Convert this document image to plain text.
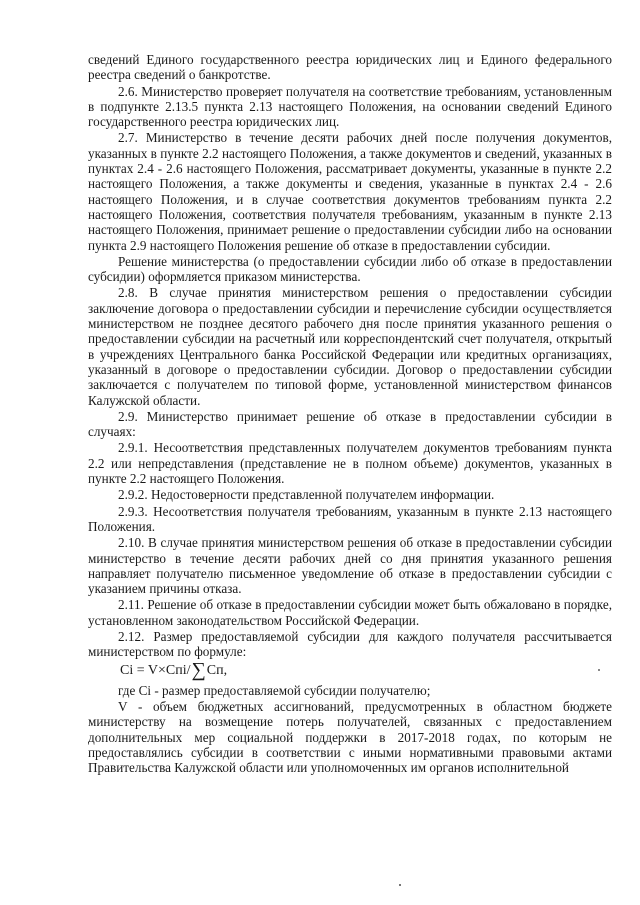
сведений Единого государственного реестра юридических лиц и Единого федерального реестра сведений о банкротстве.

2.6. Министерство проверяет получателя на соответствие требованиям, установленным в подпункте 2.13.5 пункта 2.13 настоящего Положения, на основании сведений Единого государственного реестра юридических лиц.

2.7. Министерство в течение десяти рабочих дней после получения документов, указанных в пункте 2.2 настоящего Положения, а также документов и сведений, указанных в пунктах 2.4 - 2.6 настоящего Положения, рассматривает документы, указанные в пункте 2.2 настоящего Положения, а также документы и сведения, указанные в пунктах 2.4 - 2.6 настоящего Положения, и в случае соответствия документов требованиям пункта 2.2 настоящего Положения, соответствия получателя требованиям, указанным в пункте 2.13 настоящего Положения, принимает решение о предоставлении субсидии либо на основании пункта 2.9 настоящего Положения решение об отказе в предоставлении субсидии.

Решение министерства (о предоставлении субсидии либо об отказе в предоставлении субсидии) оформляется приказом министерства.

2.8. В случае принятия министерством решения о предоставлении субсидии заключение договора о предоставлении субсидии и перечисление субсидии осуществляется министерством не позднее десятого рабочего дня после принятия указанного решения о предоставлении субсидии на расчетный или корреспондентский счет получателя, открытый в учреждениях Центрального банка Российской Федерации или кредитных организациях, указанный в договоре о предоставлении субсидии. Договор о предоставлении субсидии заключается с получателем по типовой форме, установленной министерством финансов Калужской области.

2.9. Министерство принимает решение об отказе в предоставлении субсидии в случаях:

2.9.1. Несоответствия представленных получателем документов требованиям пункта 2.2 или непредставления (представление не в полном объеме) документов, указанных в пункте 2.2 настоящего Положения.

2.9.2. Недостоверности представленной получателем информации.

2.9.3. Несоответствия получателя требованиям, указанным в пункте 2.13 настоящего Положения.

2.10. В случае принятия министерством решения об отказе в предоставлении субсидии министерство в течение десяти рабочих дней со дня принятия указанного решения направляет получателю письменное уведомление об отказе в предоставлении субсидии с указанием причины отказа.

2.11. Решение об отказе в предоставлении субсидии может быть обжаловано в порядке, установленном законодательством Российской Федерации.

2.12. Размер предоставляемой субсидии для каждого получателя рассчитывается министерством по формуле:

Ci = V × Cпi / ∑ Cп,

где Ci - размер предоставляемой субсидии получателю;

V - объем бюджетных ассигнований, предусмотренных в областном бюджете министерству на возмещение потерь получателей, связанных с предоставлением дополнительных мер социальной поддержки в 2017-2018 годах, по которым не предоставлялись субсидии в соответствии с иными нормативными правовыми актами Правительства Калужской области или уполномоченных им органов исполнительной
